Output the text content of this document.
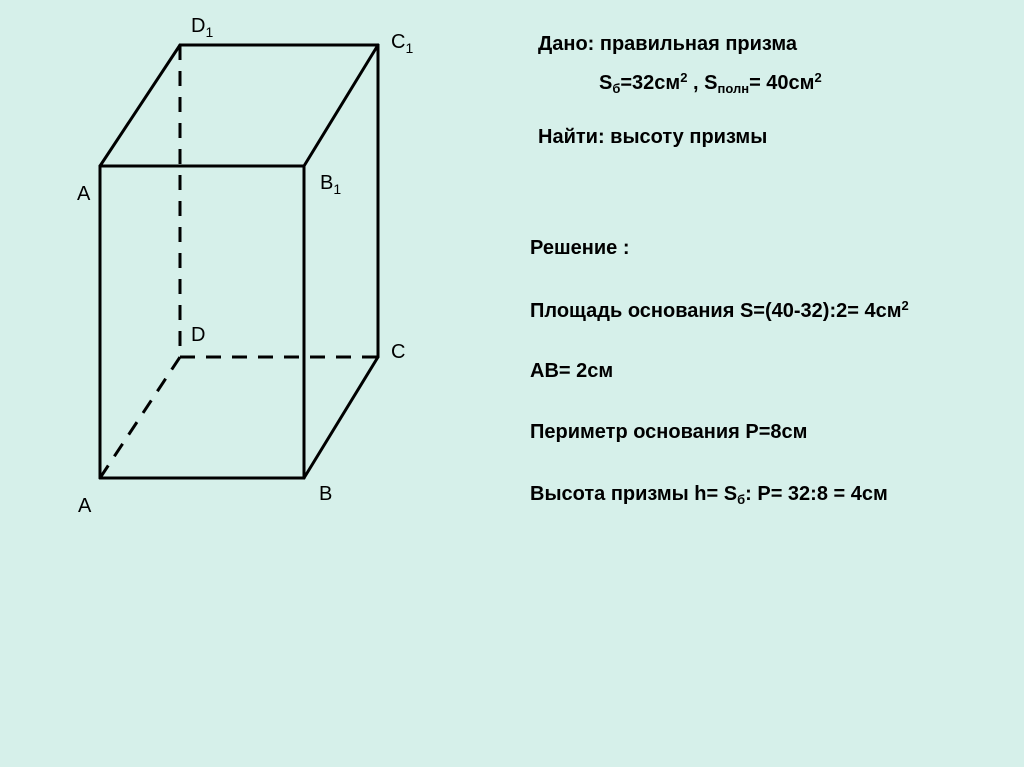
$D_1$	$C_1$
A	$B_1$
D
C
A
B
Дано: правильная призма
$S_б=32см^2$ , $S_{полн}= 40см^2$
Найти: высоту призмы
Решение :
Площадь основания S=(40-32):2= $4см^2$
АВ= 2см
Периметр основания Р=8см
Высота призмы $h= S_б$: Р= 32:8 = 4см
